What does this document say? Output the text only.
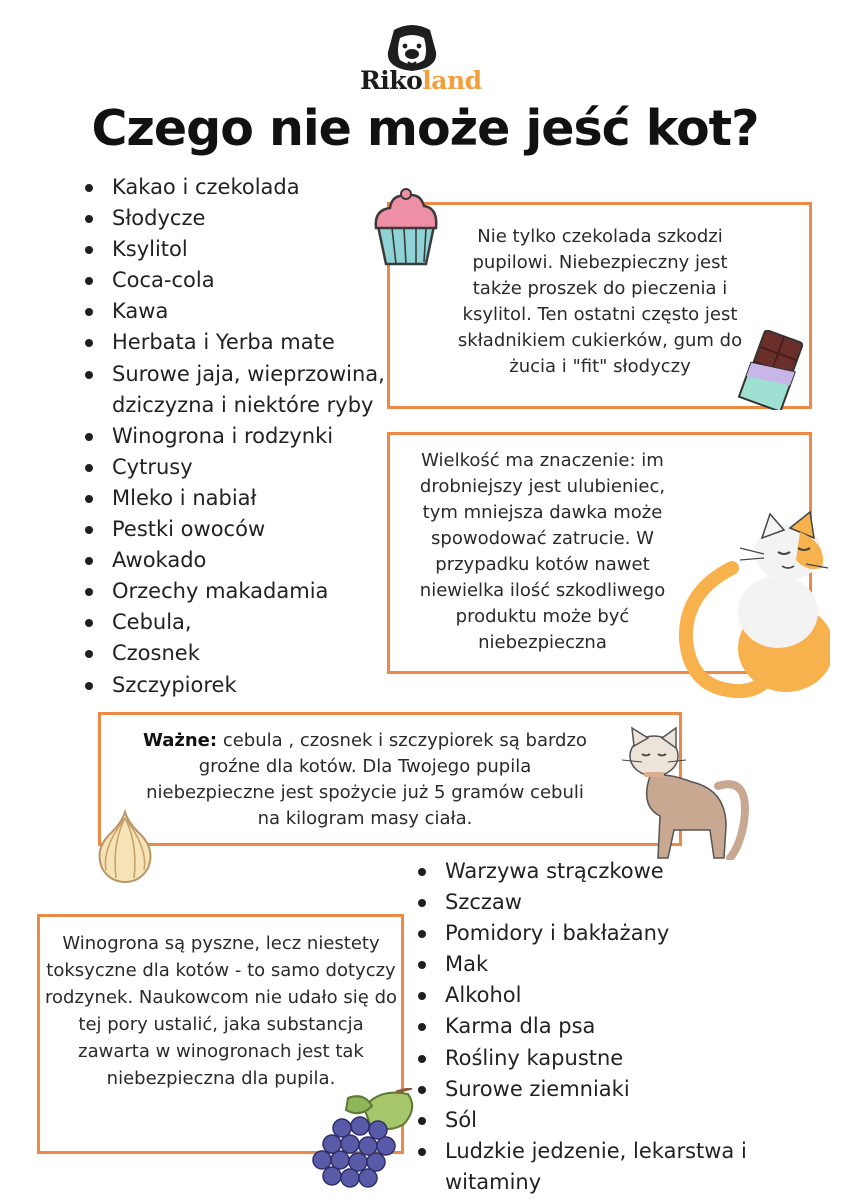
Rikoland
Czego nie może jeść kot?
Kakao i czekolada
Słodycze
Ksylitol
Coca-cola
Kawa
Herbata i Yerba mate
Surowe jaja, wieprzowina, dziczyzna i niektóre ryby
Winogrona i rodzynki
Cytrusy
Mleko i nabiał
Pestki owoców
Awokado
Orzechy makadamia
Cebula,
Czosnek
Szczypiorek
Nie tylko czekolada szkodzi pupilowi. Niebezpieczny jest także proszek do pieczenia i ksylitol. Ten ostatni często jest składnikiem cukierków, gum do żucia i "fit" słodyczy
Wielkość ma znaczenie: im drobniejszy jest ulubieniec, tym mniejsza dawka może spowodować zatrucie. W przypadku kotów nawet niewielka ilość szkodliwego produktu może być niebezpieczna
Ważne: cebula , czosnek i szczypiorek są bardzo groźne dla kotów. Dla Twojego pupila niebezpieczne jest spożycie już 5 gramów cebuli na kilogram masy ciała.
Warzywa strączkowe
Szczaw
Pomidory i bakłażany
Mak
Alkohol
Karma dla psa
Rośliny kapustne
Surowe ziemniaki
Sól
Ludzkie jedzenie, lekarstwa i witaminy
Winogrona są pyszne, lecz niestety toksyczne dla kotów - to samo dotyczy rodzynek. Naukowcom nie udało się do tej pory ustalić, jaka substancja zawarta w winogronach jest tak niebezpieczna dla pupila.
